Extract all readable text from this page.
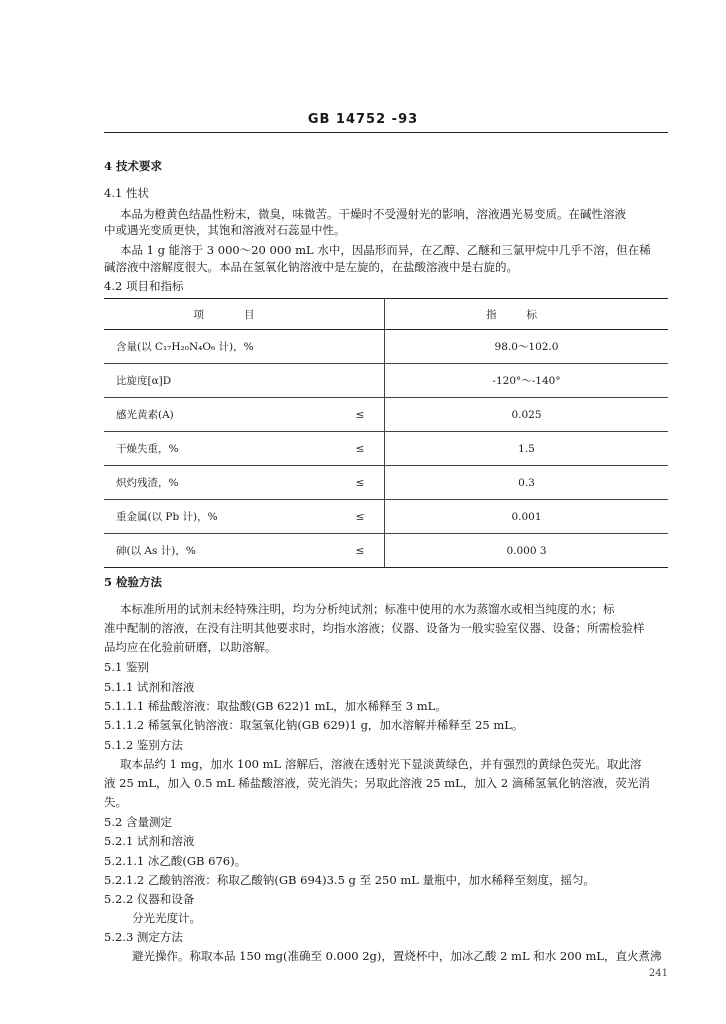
GB 14752 -93
4 技术要求
4.1 性状
本品为橙黄色结晶性粉末，微臭，味微苦。干燥时不受漫射光的影响，溶液遇光易变质。在碱性溶液
中或遇光变质更快，其饱和溶液对石蕊显中性。
本品 1 g 能溶于 3 000～20 000 mL 水中，因晶形而异，在乙醇、乙醚和三氯甲烷中几乎不溶，但在稀
碱溶液中溶解度很大。本品在氢氧化钠溶液中是左旋的，在盐酸溶液中是右旋的。
4.2 项目和指标
项目		指标
含量(以 C₁₇H₂₀N₄O₆ 计)，%		98.0～102.0
比旋度[α]D		-120°～-140°
感光黄素(A)	≤	0.025
干燥失重，%	≤	1.5
炽灼残渣，%	≤	0.3
重金属(以 Pb 计)，%	≤	0.001
砷(以 As 计)，%	≤	0.000 3
5 检验方法
本标准所用的试剂未经特殊注明，均为分析纯试剂；标准中使用的水为蒸馏水或相当纯度的水；标
准中配制的溶液，在没有注明其他要求时，均指水溶液；仪器、设备为一般实验室仪器、设备；所需检验样
品均应在化验前研磨，以助溶解。
5.1 鉴别
5.1.1 试剂和溶液
5.1.1.1 稀盐酸溶液：取盐酸(GB 622)1 mL，加水稀释至 3 mL。
5.1.1.2 稀氢氧化钠溶液：取氢氧化钠(GB 629)1 g，加水溶解并稀释至 25 mL。
5.1.2 鉴别方法
取本品约 1 mg，加水 100 mL 溶解后，溶液在透射光下显淡黄绿色，并有强烈的黄绿色荧光。取此溶
液 25 mL，加入 0.5 mL 稀盐酸溶液，荧光消失；另取此溶液 25 mL，加入 2 滴稀氢氧化钠溶液，荧光消
失。
5.2 含量测定
5.2.1 试剂和溶液
5.2.1.1 冰乙酸(GB 676)。
5.2.1.2 乙酸钠溶液：称取乙酸钠(GB 694)3.5 g 至 250 mL 量瓶中，加水稀释至刻度，摇匀。
5.2.2 仪器和设备
分光光度计。
5.2.3 测定方法
避光操作。称取本品 150 mg(准确至 0.000 2g)，置烧杯中，加冰乙酸 2 mL 和水 200 mL，直火煮沸
241
